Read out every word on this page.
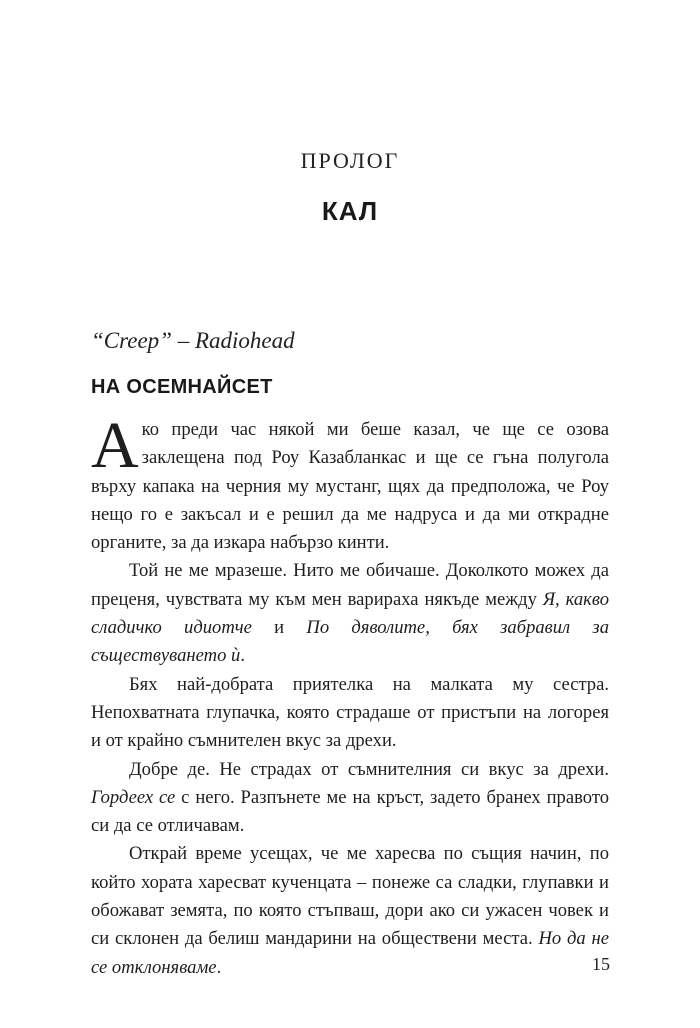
ПРОЛОГ
КАЛ
“Creep” – Radiohead
НА ОСЕМНАЙСЕТ

Ако преди час някой ми беше казал, че ще се озова заклещена под Роу Казабланкас и ще се гъна полугола върху капака на черния му мустанг, щях да предположа, че Роу нещо го е закъсал и е решил да ме надруса и да ми открадне органите, за да изкара набързо кинти.

Той не ме мразеше. Нито ме обичаше. Доколкото можех да преценя, чувствата му към мен варираха някъде между Я, какво сладичко идиотче и По дяволите, бях забравил за съществуването ѝ.

Бях най-добрата приятелка на малката му сестра. Непохватната глупачка, която страдаше от пристъпи на логорея и от крайно съмнителен вкус за дрехи.

Добре де. Не страдах от съмнителния си вкус за дрехи. Гордеех се с него. Разпънете ме на кръст, задето бранех правото си да се отличавам.

Открай време усещах, че ме харесва по същия начин, по който хората харесват кученцата – понеже са сладки, глупавки и обожават земята, по която стъпваш, дори ако си ужасен човек и си склонен да белиш мандарини на обществени места. Но да не се отклоняваме.	15
